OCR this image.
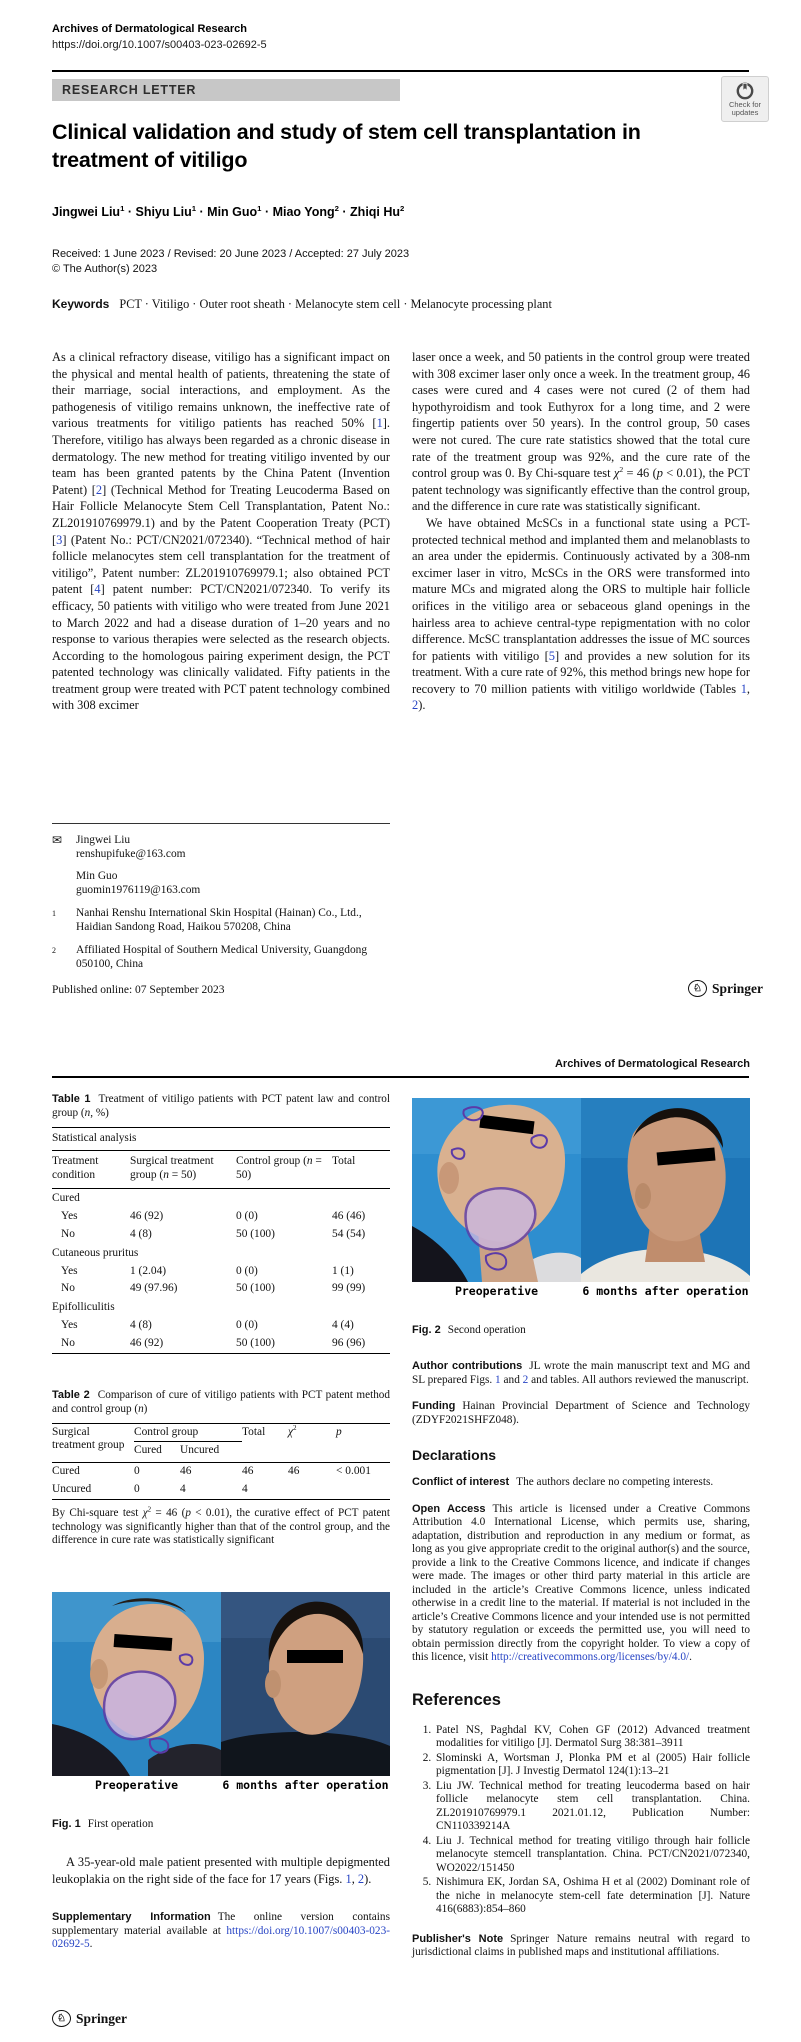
Archives of Dermatological Research
https://doi.org/10.1007/s00403-023-02692-5
RESEARCH LETTER
Check for
updates
Clinical validation and study of stem cell transplantation in treatment of vitiligo
Jingwei Liu$^1$ · Shiyu Liu$^1$ · Min Guo$^1$ · Miao Yong$^2$ · Zhiqi Hu$^2$
Received: 1 June 2023 / Revised: 20 June 2023 / Accepted: 27 July 2023
© The Author(s) 2023
Keywords PCT · Vitiligo · Outer root sheath · Melanocyte stem cell · Melanocyte processing plant

As a clinical refractory disease, vitiligo has a significant impact on the physical and mental health of patients, threatening the state of their marriage, social interactions, and employment. As the pathogenesis of vitiligo remains unknown, the ineffective rate of various treatments for vitiligo patients has reached 50% [1]. Therefore, vitiligo has always been regarded as a chronic disease in dermatology. The new method for treating vitiligo invented by our team has been granted patents by the China Patent (Invention Patent) [2] (Technical Method for Treating Leucoderma Based on Hair Follicle Melanocyte Stem Cell Transplantation, Patent No.: ZL201910769979.1) and by the Patent Cooperation Treaty (PCT) [3] (Patent No.: PCT/CN2021/072340). “Technical method of hair follicle melanocytes stem cell transplantation for the treatment of vitiligo”, Patent number: ZL201910769979.1; also obtained PCT patent [4] patent number: PCT/CN2021/072340. To verify its efficacy, 50 patients with vitiligo who were treated from June 2021 to March 2022 and had a disease duration of 1–20 years and no response to various therapies were selected as the research objects. According to the homologous pairing experiment design, the PCT patented technology was clinically validated. Fifty patients in the treatment group were treated with PCT patent technology combined with 308 excimer

laser once a week, and 50 patients in the control group were treated with 308 excimer laser only once a week. In the treatment group, 46 cases were cured and 4 cases were not cured (2 of them had hypothyroidism and took Euthyrox for a long time, and 2 were fingertip patients over 50 years). In the control group, 50 cases were not cured. The cure rate statistics showed that the total cure rate of the treatment group was 92%, and the cure rate of the control group was 0. By Chi-square test $\chi^2 = 46$ (p < 0.01), the PCT patent technology was significantly effective than the control group, and the difference in cure rate was statistically significant.

We have obtained McSCs in a functional state using a PCT-protected technical method and implanted them and melanoblasts to an area under the epidermis. Continuously activated by a 308-nm excimer laser in vitro, McSCs in the ORS were transformed into mature MCs and migrated along the ORS to multiple hair follicle orifices in the vitiligo area or sebaceous gland openings in the hairless area to achieve central-type repigmentation with no color difference. McSC transplantation addresses the issue of MC sources for patients with vitiligo [5] and provides a new solution for its treatment. With a cure rate of 92%, this method brings new hope for recovery to 70 million patients with vitiligo worldwide (Tables 1, 2).

✉	Jingwei Liu
renshupifuke@163.com
Min Guo
guomin1976119@163.com
1	Nanhai Renshu International Skin Hospital (Hainan) Co., Ltd., Haidian Sandong Road, Haikou 570208, China
2	Affiliated Hospital of Southern Medical University, Guangdong 050100, China
Published online: 07 September 2023	♘ Springer
Archives of Dermatological Research
Table 1 Treatment of vitiligo patients with PCT patent law and control group (n, %)
Statistical analysis			
Treatment condition	Surgical treatment group (n = 50)	Control group (n = 50)	Total
Cured			
Yes	46 (92)	0 (0)	46 (46)
No	4 (8)	50 (100)	54 (54)
Cutaneous pruritus			
Yes	1 (2.04)	0 (0)	1 (1)
No	49 (97.96)	50 (100)	99 (99)
Epifolliculitis			
Yes	4 (8)	0 (0)	4 (4)
No	46 (92)	50 (100)	96 (96)
Table 2 Comparison of cure of vitiligo patients with PCT patent method and control group (n)
Surgical treatment group	Control group		Total	$\chi^2$	p
	Cured	Uncured			
Cured	0	46	46	46	< 0.001
Uncured	0	4	4		

By Chi-square test $\chi^2 = 46$ (p < 0.01), the curative effect of PCT patent technology was significantly higher than that of the control group, and the difference in cure rate was statistically significant

Preoperative	6 months after operation
Fig. 1 First operation

A 35-year-old male patient presented with multiple depigmented leukoplakia on the right side of the face for 17 years (Figs. 1, 2).

Supplementary Information The online version contains supplementary material available at https://doi.org/10.1007/s00403-023-02692-5.

Preoperative	6 months after operation
Fig. 2 Second operation

Author contributions JL wrote the main manuscript text and MG and SL prepared Figs. 1 and 2 and tables. All authors reviewed the manuscript.

Funding Hainan Provincial Department of Science and Technology (ZDYF2021SHFZ048).

Declarations

Conflict of interest The authors declare no competing interests.

Open Access This article is licensed under a Creative Commons Attribution 4.0 International License, which permits use, sharing, adaptation, distribution and reproduction in any medium or format, as long as you give appropriate credit to the original author(s) and the source, provide a link to the Creative Commons licence, and indicate if changes were made. The images or other third party material in this article are included in the article’s Creative Commons licence, unless indicated otherwise in a credit line to the material. If material is not included in the article’s Creative Commons licence and your intended use is not permitted by statutory regulation or exceeds the permitted use, you will need to obtain permission directly from the copyright holder. To view a copy of this licence, visit http://creativecommons.org/licenses/by/4.0/.

References
1. Patel NS, Paghdal KV, Cohen GF (2012) Advanced treatment modalities for vitiligo [J]. Dermatol Surg 38:381–3911
2. Slominski A, Wortsman J, Plonka PM et al (2005) Hair follicle pigmentation [J]. J Investig Dermatol 124(1):13–21
3. Liu JW. Technical method for treating leucoderma based on hair follicle melanocyte stem cell transplantation. China. ZL201910769979.1 2021.01.12, Publication Number: CN110339214A
4. Liu J. Technical method for treating vitiligo through hair follicle melanocyte stemcell transplantation. China. PCT/CN2021/072340, WO2022/151450
5. Nishimura EK, Jordan SA, Oshima H et al (2002) Dominant role of the niche in melanocyte stem-cell fate determination [J]. Nature 416(6883):854–860

Publisher's Note Springer Nature remains neutral with regard to jurisdictional claims in published maps and institutional affiliations.

♘ Springer
